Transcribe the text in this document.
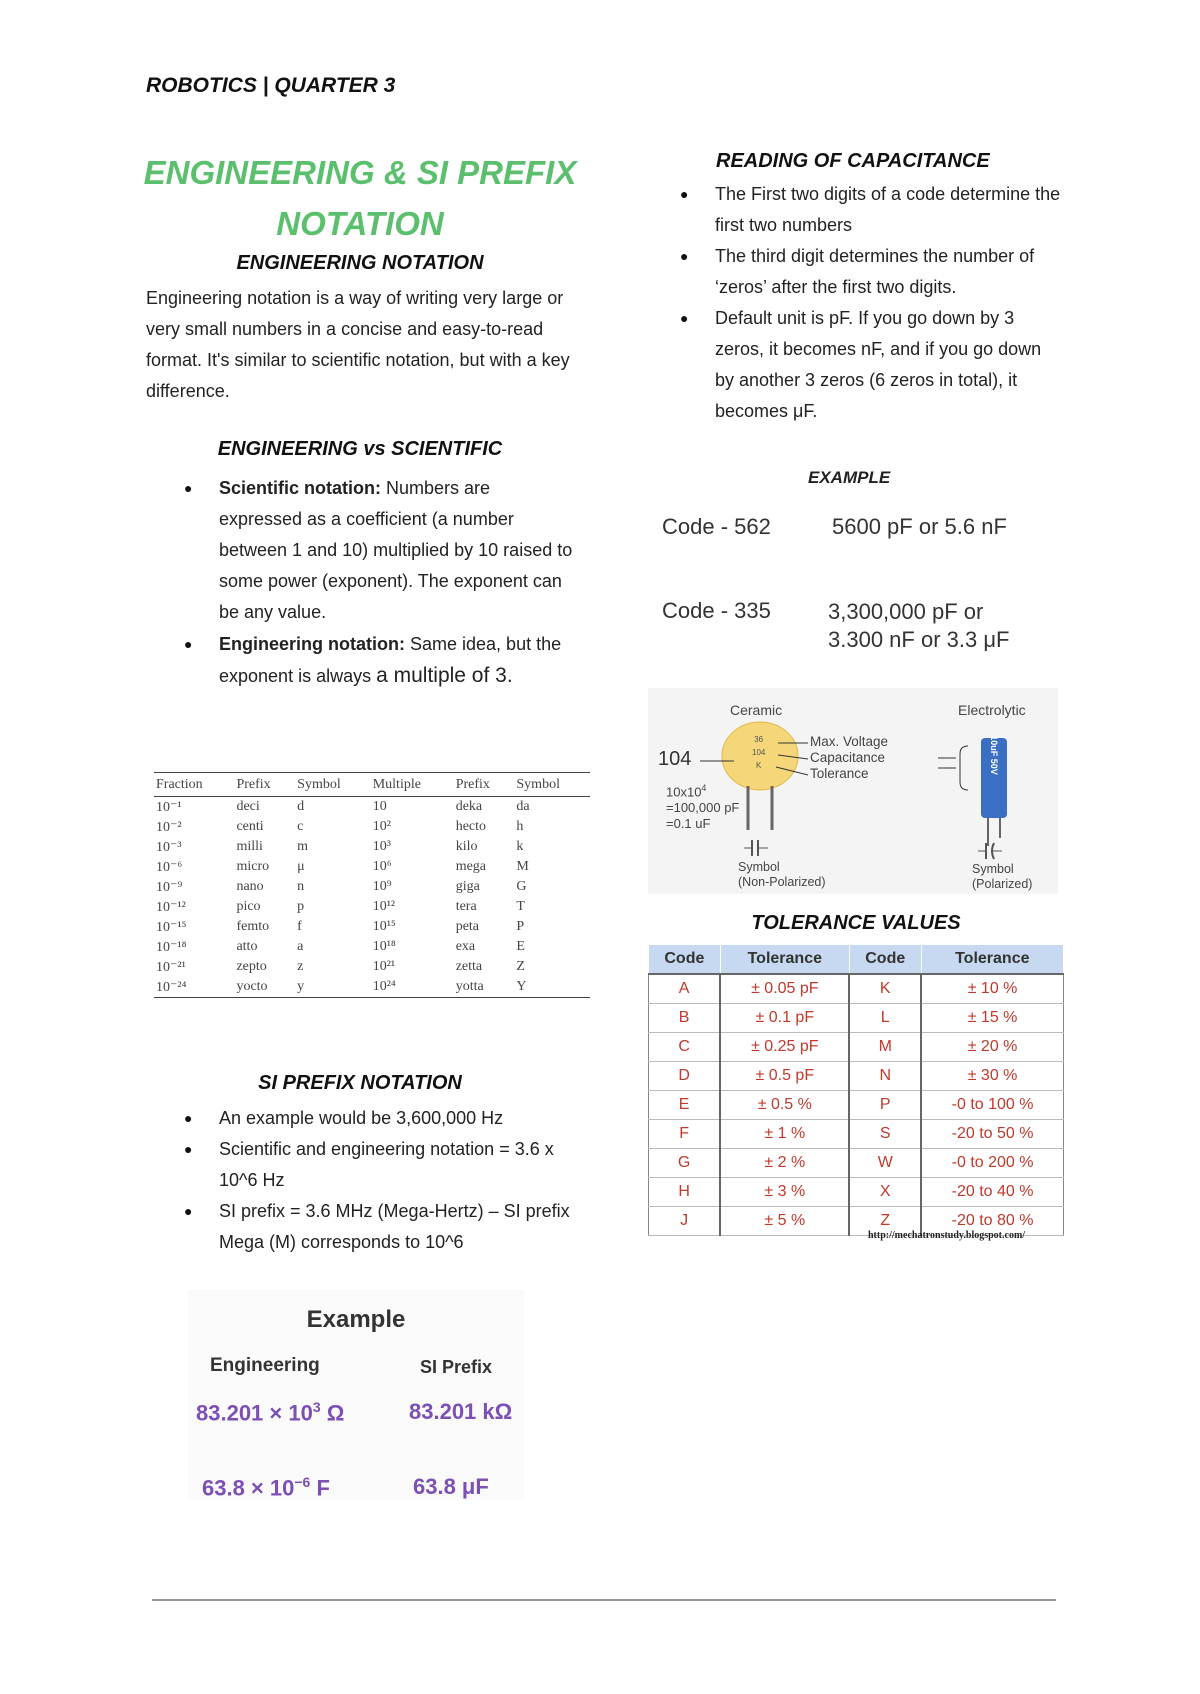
ROBOTICS | QUARTER 3
ENGINEERING & SI PREFIX
NOTATION
ENGINEERING NOTATION
Engineering notation is a way of writing very large or very small numbers in a concise and easy-to-read format. It's similar to scientific notation, but with a key difference.
ENGINEERING vs SCIENTIFIC
● Scientific notation: Numbers are expressed as a coefficient (a number between 1 and 10) multiplied by 10 raised to some power (exponent). The exponent can be any value.
● Engineering notation: Same idea, but the exponent is always a multiple of 3.
Fraction	Prefix	Symbol	Multiple	Prefix	Symbol
10⁻¹	deci	d	10	deka	da
10⁻²	centi	c	10²	hecto	h
10⁻³	milli	m	10³	kilo	k
10⁻⁶	micro	μ	10⁶	mega	M
10⁻⁹	nano	n	10⁹	giga	G
10⁻¹²	pico	p	10¹²	tera	T
10⁻¹⁵	femto	f	10¹⁵	peta	P
10⁻¹⁸	atto	a	10¹⁸	exa	E
10⁻²¹	zepto	z	10²¹	zetta	Z
10⁻²⁴	yocto	y	10²⁴	yotta	Y
SI PREFIX NOTATION
● An example would be 3,600,000 Hz
● Scientific and engineering notation = 3.6 x 10^6 Hz
● SI prefix = 3.6 MHz (Mega-Hertz) – SI prefix Mega (M) corresponds to 10^6
Example
Engineering	SI Prefix
$83.201 \times 10^3$ Ω	83.201 kΩ
$63.8 \times 10^{-6}$ F	63.8 μF
READING OF CAPACITANCE
● The First two digits of a code determine the first two numbers
● The third digit determines the number of ‘zeros’ after the first two digits.
● Default unit is pF. If you go down by 3 zeros, it becomes nF, and if you go down by another 3 zeros (6 zeros in total), it becomes μF.
EXAMPLE
Code - 562	5600 pF or 5.6 nF
Code - 335	3,300,000 pF or
3.300 nF or 3.3 μF
Ceramic	Electrolytic
104
36
104
K
Max. Voltage
Capacitance
Tolerance
$10x10^4$
=100,000 pF
=0.1 uF
10uF 50V
Symbol
(Non-Polarized)
Symbol
(Polarized)
TOLERANCE VALUES
Code	Tolerance	Code	Tolerance
A	± 0.05 pF	K	± 10 %
B	± 0.1 pF	L	± 15 %
C	± 0.25 pF	M	± 20 %
D	± 0.5 pF	N	± 30 %
E	± 0.5 %	P	-0 to 100 %
F	± 1 %	S	-20 to 50 %
G	± 2 %	W	-0 to 200 %
H	± 3 %	X	-20 to 40 %
J	± 5 %	Z	-20 to 80 %
http://mechatronstudy.blogspot.com/
